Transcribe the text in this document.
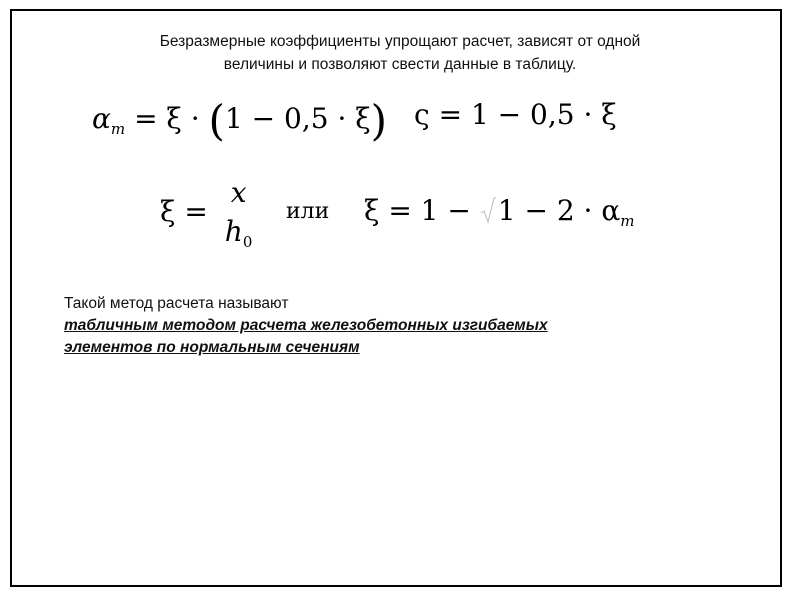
Безразмерные коэффициенты упрощают расчет, зависят от одной
величины и позволяют свести данные в таблицу.
$\alpha_m = \xi \cdot (1 - 0,5 \cdot \xi) \varsigma = 1 - 0,5 \cdot \xi$
ξ =
x
$h_0$
или $\xi = 1 - 1 - 2 \cdot \alpha_m$
Такой метод расчета называют
табличным методом расчета железобетонных изгибаемых
элементов по нормальным сечениям
